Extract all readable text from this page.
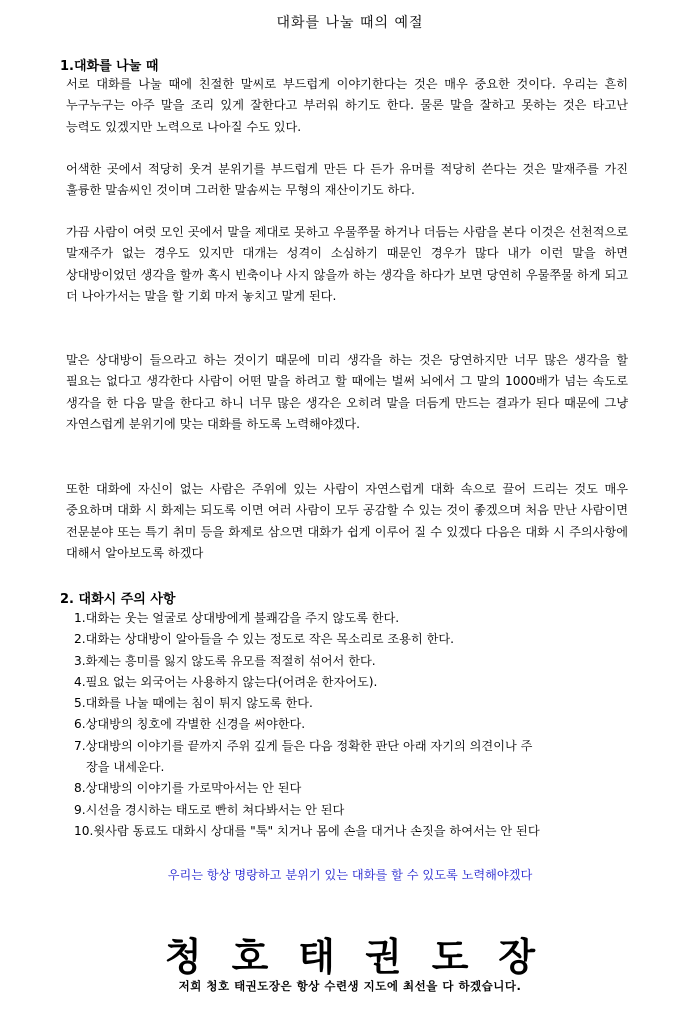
대화를 나눌 때의 예절
1.대화를 나눌 때

서로 대화를 나눌 때에 친절한 말씨로 부드럽게 이야기한다는 것은 매우 중요한 것이다. 우리는 흔히 누구누구는 아주 말을 조리 있게 잘한다고 부러워 하기도 한다. 물론 말을 잘하고 못하는 것은 타고난 능력도 있겠지만 노력으로 나아질 수도 있다.

어색한 곳에서 적당히 웃겨 분위기를 부드럽게 만든 다 든가 유머를 적당히 쓴다는 것은 말재주를 가진 훌륭한 말솜씨인 것이며 그러한 말솜씨는 무형의 재산이기도 하다.

가끔 사람이 여럿 모인 곳에서 말을 제대로 못하고 우물쭈물 하거나 더듬는 사람을 본다 이것은 선천적으로 말재주가 없는 경우도 있지만 대개는 성격이 소심하기 때문인 경우가 많다 내가 이런 말을 하면 상대방이었던 생각을 할까 혹시 빈축이나 사지 않을까 하는 생각을 하다가 보면 당연히 우물쭈물 하게 되고 더 나아가서는 말을 할 기회 마저 놓치고 말게 된다.

말은 상대방이 들으라고 하는 것이기 때문에 미리 생각을 하는 것은 당연하지만 너무 많은 생각을 할 필요는 없다고 생각한다 사람이 어떤 말을 하려고 할 때에는 벌써 뇌에서 그 말의 1000배가 넘는 속도로 생각을 한 다음 말을 한다고 하니 너무 많은 생각은 오히려 말을 더듬게 만드는 결과가 된다 때문에 그냥 자연스럽게 분위기에 맞는 대화를 하도록 노력해야겠다.

또한 대화에 자신이 없는 사람은 주위에 있는 사람이 자연스럽게 대화 속으로 끌어 드리는 것도 매우 중요하며 대화 시 화제는 되도록 이면 여러 사람이 모두 공감할 수 있는 것이 좋겠으며 처음 만난 사람이면 전문분야 또는 특기 취미 등을 화제로 삼으면 대화가 쉽게 이루어 질 수 있겠다 다음은 대화 시 주의사항에 대해서 알아보도록 하겠다

2. 대화시 주의 사항
1.대화는 웃는 얼굴로 상대방에게 불쾌감을 주지 않도록 한다.
2.대화는 상대방이 알아들을 수 있는 정도로 작은 목소리로 조용히 한다.
3.화제는 흥미를 잃지 않도록 유모를 적절히 섞어서 한다.
4.필요 없는 외국어는 사용하지 않는다(어려운 한자어도).
5.대화를 나눌 때에는 침이 튀지 않도록 한다.
6.상대방의 칭호에 각별한 신경을 써야한다.
7.상대방의 이야기를 끝까지 주위 깊게 들은 다음 정확한 판단 아래 자기의 의견이나 주
장을 내세운다.
8.상대방의 이야기를 가로막아서는 안 된다
9.시선을 경시하는 태도로 빤히 쳐다봐서는 안 된다
10.윗사람 동료도 대화시 상대를 "툭" 치거나 몸에 손을 대거나 손짓을 하여서는 안 된다
우리는 항상 명랑하고 분위기 있는 대화를 할 수 있도록 노력해야겠다
청호태권도장
저희 청호 태권도장은 항상 수련생 지도에 최선을 다 하겠습니다.
